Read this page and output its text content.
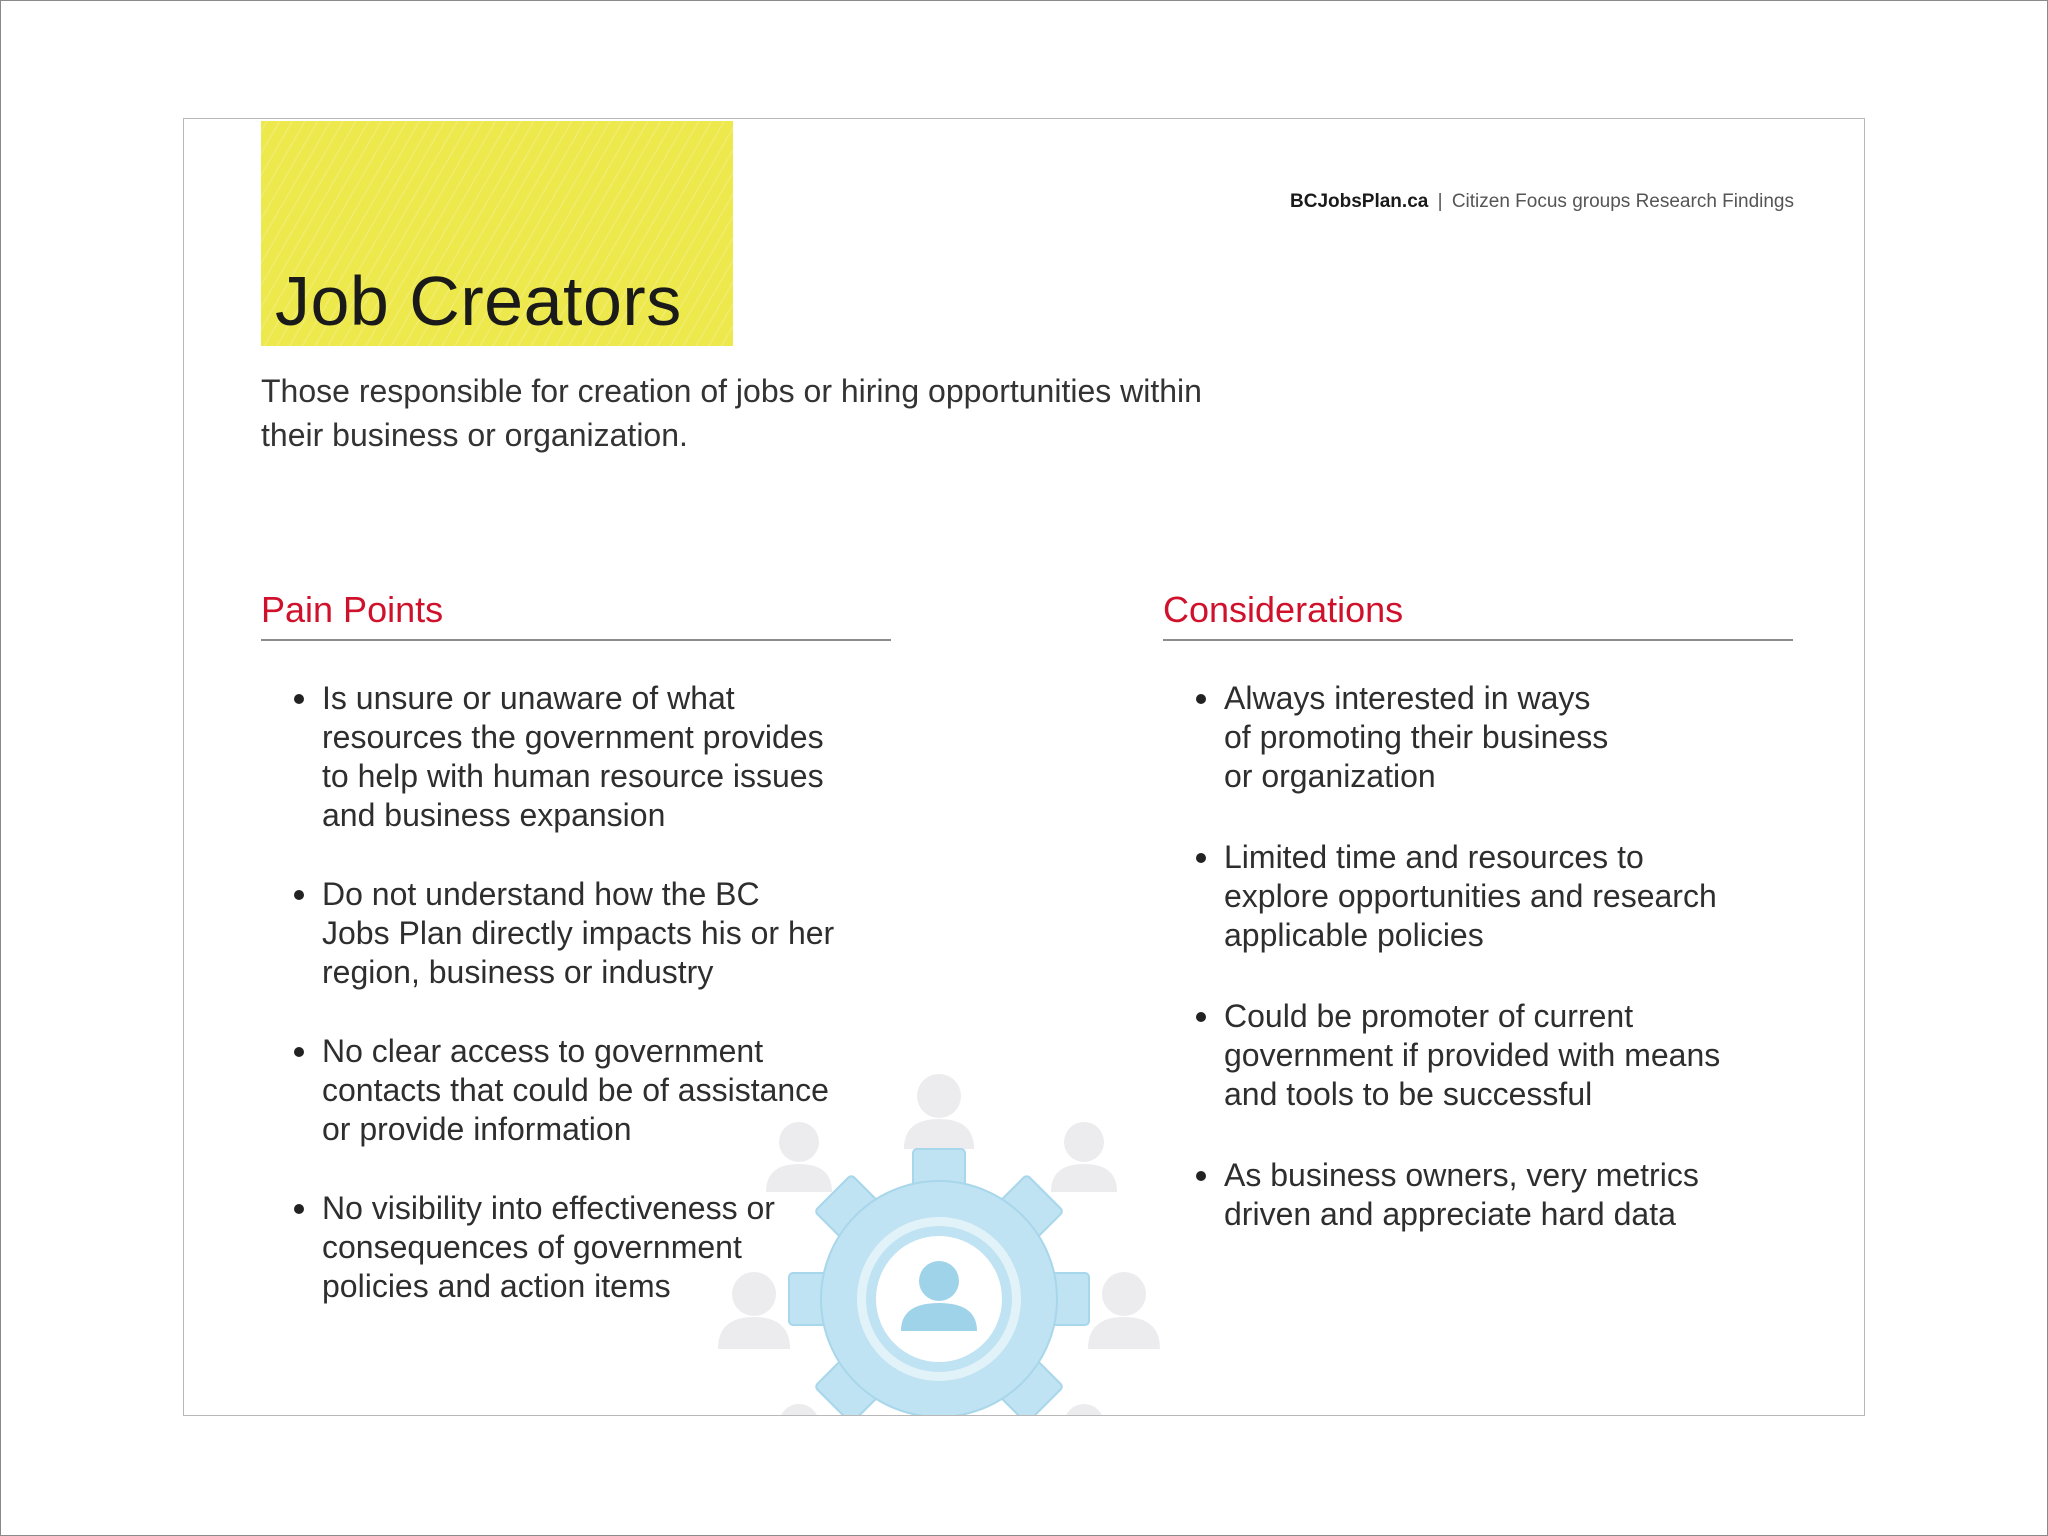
Job Creators
BCJobsPlan.ca | Citizen Focus groups Research Findings
Those responsible for creation of jobs or hiring opportunities within
their business or organization.
Pain Points
Is unsure or unaware of what
resources the government provides
to help with human resource issues
and business expansion
Do not understand how the BC
Jobs Plan directly impacts his or her
region, business or industry
No clear access to government
contacts that could be of assistance
or provide information
No visibility into effectiveness or
consequences of government
policies and action items
Considerations
Always interested in ways
of promoting their business
or organization
Limited time and resources to
explore opportunities and research
applicable policies
Could be promoter of current
government if provided with means
and tools to be successful
As business owners, very metrics
driven and appreciate hard data
